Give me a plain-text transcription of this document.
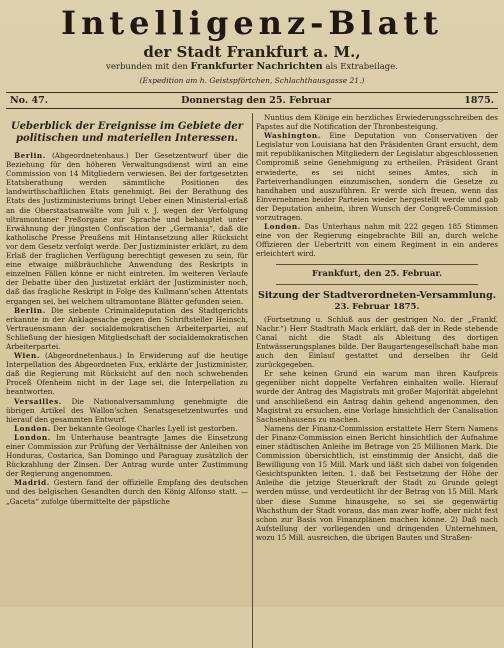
Intelligenz-Blatt
der Stadt Frankfurt a. M.,
verbunden mit den Frankfurter Nachrichten als Extrabeilage.
(Expedition am h. Geistspförtchen, Schlachthausgasse 21.)
No. 47.	Donnerstag den 25. Februar	1875.
Ueberblick der Ereignisse im Gebiete der politischen und materiellen Interessen.

Berlin. (Abgeordnetenhaus.) Der Gesetzentwurf über die Beziehung für den höheren Verwaltungsdienst wird an eine Commission von 14 Mitgliedern verwiesen. Bei der fortgesetzten Etatsberathung werden sämmtliche Positionen des landwirthschaftlichen Etats genehmigt. Bei der Berathung des Etats des Justizministeriums bringt Ueber einen Ministerial-erlaß an die Oberstaatsanwälte vom Juli v. J. wegen der Verfolgung ultramontaner Preßorgane zur Sprache und behauptet unter Erwähnung der jüngsten Confiscation der „Germania“, daß die katholische Presse Preußens mit Hintansetzung aller Rücksicht vor dem Gesetz verfolgt werde. Der Justizminister erklärt, zu dem Erlaß der fraglichen Verfügung berechtigt gewesen zu sein, für eine etwaige mißbräuchliche Anwendung des Reskripts in einzelnen Fällen könne er nicht eintreten. Im weiteren Verlaufe der Debatte über den Justizetat erklärt der Justizminister noch, daß das fragliche Reskript in Folge des Kullmann'schen Attentats ergangen sei, bei welchem ultramontane Blätter gefunden seien.

Berlin. Die siebente Criminaldeputation des Stadtgerichts erkannte in der Anklagesache gegen den Schriftsteller Heinsch, Vertrauensmann der socialdemokratischen Arbeiterpartei, auf Schließung der hiesigen Mitgliedschaft der socialdemokratischen Arbeiterpartei.

Wien. (Abgeordnetenhaus.) In Erwiderung auf die heutige Interpellation des Abgeordneten Fux, erklärte der Justizminister, daß die Regierung mit Rücksicht auf den noch schwebenden Proceß Ofenheim nicht in der Lage sei, die Interpellation zu beantworten.

Versailles. Die Nationalversammlung genehmigte die übrigen Artikel des Wallon'schen Senatsgesetzentwurfes und hierauf den gesammten Entwurf.

London. Der bekannte Geologe Charles Lyell ist gestorben.

London. Im Unterhause beantragte James die Einsetzung einer Commission zur Prüfung der Verhältnisse der Anleihen von Honduras, Costarica, San Domingo und Paraguay zusätzlich der Rückzahlung der Zinsen. Der Antrag wurde unter Zustimmung der Regierung angenommen.

Madrid. Gestern fand der offizielle Empfang des deutschen und des belgischen Gesandten durch den König Alfonso statt. — „Gaceta“ zufolge übermittelte der päpstliche

Nuntius dem Könige ein herzliches Erwiederungsschreiben des Papstes auf die Notification der Thronbesteigung.

Washington. Eine Deputation von Conservativen der Legislatur von Louisiana hat den Präsidenten Grant ersucht, dem mit republikanischen Mitgliedern der Legislatur abgeschlossenen Compromiß seine Genehmigung zu ertheilen. Präsident Grant erwiederte, es sei nicht seines Amtes, sich in Parteiverhandlungen einzumischen, sondern die Gesetze zu handhaben und auszuführen. Er werde sich freuen, wenn das Einvernehmen beider Parteien wieder hergestellt werde und gab der Deputation anheim, ihren Wunsch der Congreß-Commission vorzutragen.

London. Das Unterhaus nahm mit 222 gegen 185 Stimmen eine von der Regierung eingebrachte Bill an, durch welche Offizieren der Uebertritt von einem Regiment in ein anderes erleichtert wird.

Frankfurt, den 25. Februar.
Sitzung der Stadtverordneten-Versammlung.
23. Februar 1875.

(Fortsetzung u. Schluß aus der gestrigen No. der „Frankf. Nachr.“) Herr Stadtrath Mack erklärt, daß der in Rede stehende Canal nicht die Stadt als Ableitung des dortigen Entwässerungsplanes bilde. Der Baugartengesellschaft habe man auch den Einlauf gestattet und derselben ihr Geld zurückgegeben.

Er sehe keinen Grund ein warum man ihren Kaufpreis gegenüber nicht doppelte Verfahren einhalten wolle. Hierauf wurde der Antrag des Magistrats mit großer Majorität abgelehnt und anschließend ein Antrag dahin gehend angenommen, den Magistrat zu ersuchen, eine Vorlage hinsichtlich der Canalisation Sachsenhausens zu machen.

Namens der Finanz-Commission erstattete Herr Stern Namens der Finanz-Commission einen Bericht hinsichtlich der Aufnahme einer städtischen Anleihe im Betrage von 25 Millionen Mark. Die Commission übersichtlich, ist einstimmig der Ansicht, daß die Bewilligung von 15 Mill. Mark und läßt sich dabei von folgenden Gesichtspunkten leiten. 1. daß bei Festsetzung der Höhe der Anleihe die jetzige Steuerkraft der Stadt zu Grunde gelegt werden müsse, und verdeutlicht ihr der Betrag von 15 Mill. Mark über diese Summe hinausgehe, so sei sie gegenwärtig Wachsthum der Stadt voraus, das man zwar hoffe, aber nicht fest schon zur Basis von Finanzplänen machen könne. 2) Daß nach Aufstellung der vorliegenden und dringenden Unternehmen, wozu 15 Mill. ausreichen, die übrigen Bauten und Straßen-
